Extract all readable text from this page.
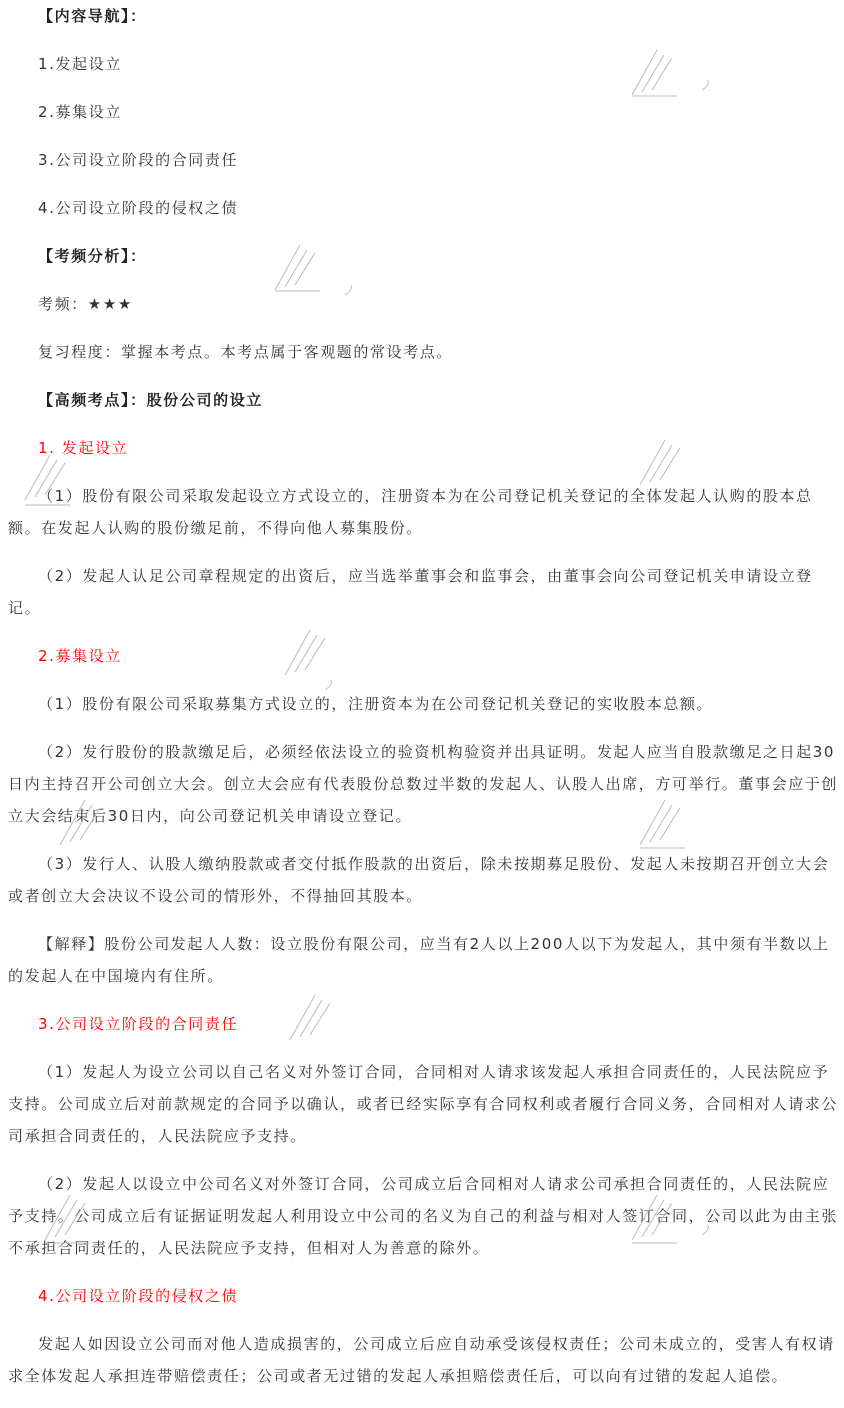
【内容导航】：

1.发起设立

2.募集设立

3.公司设立阶段的合同责任

4.公司设立阶段的侵权之债

【考频分析】：

考频：★★★

复习程度：掌握本考点。本考点属于客观题的常设考点。

【高频考点】：股份公司的设立

1. 发起设立

（1）股份有限公司采取发起设立方式设立的，注册资本为在公司登记机关登记的全体发起人认购的股本总额。在发起人认购的股份缴足前，不得向他人募集股份。

（2）发起人认足公司章程规定的出资后，应当选举董事会和监事会，由董事会向公司登记机关申请设立登记。

2.募集设立

（1）股份有限公司采取募集方式设立的，注册资本为在公司登记机关登记的实收股本总额。

（2）发行股份的股款缴足后，必须经依法设立的验资机构验资并出具证明。发起人应当自股款缴足之日起30日内主持召开公司创立大会。创立大会应有代表股份总数过半数的发起人、认股人出席，方可举行。董事会应于创立大会结束后30日内，向公司登记机关申请设立登记。

（3）发行人、认股人缴纳股款或者交付抵作股款的出资后，除未按期募足股份、发起人未按期召开创立大会或者创立大会决议不设公司的情形外，不得抽回其股本。

【解释】股份公司发起人人数：设立股份有限公司，应当有2人以上200人以下为发起人，其中须有半数以上的发起人在中国境内有住所。

3.公司设立阶段的合同责任

（1）发起人为设立公司以自己名义对外签订合同，合同相对人请求该发起人承担合同责任的，人民法院应予支持。公司成立后对前款规定的合同予以确认，或者已经实际享有合同权利或者履行合同义务，合同相对人请求公司承担合同责任的，人民法院应予支持。

（2）发起人以设立中公司名义对外签订合同，公司成立后合同相对人请求公司承担合同责任的，人民法院应予支持。公司成立后有证据证明发起人利用设立中公司的名义为自己的利益与相对人签订合同，公司以此为由主张不承担合同责任的，人民法院应予支持，但相对人为善意的除外。

4.公司设立阶段的侵权之债

发起人如因设立公司而对他人造成损害的，公司成立后应自动承受该侵权责任；公司未成立的，受害人有权请求全体发起人承担连带赔偿责任；公司或者无过错的发起人承担赔偿责任后，可以向有过错的发起人追偿。
